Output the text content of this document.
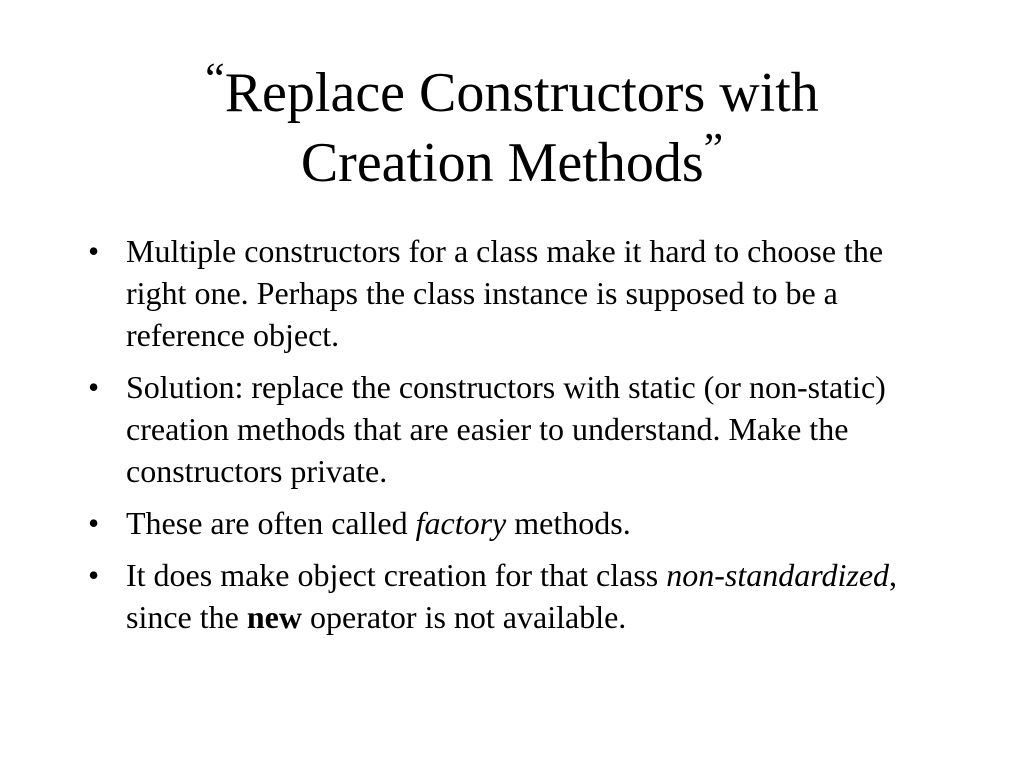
“Replace Constructors with
Creation Methods”
• Multiple constructors for a class make it hard to choose the right one. Perhaps the class instance is supposed to be a reference object.
• Solution: replace the constructors with static (or non-static) creation methods that are easier to understand. Make the constructors private.
• These are often called factory methods.
• It does make object creation for that class non-standardized, since the new operator is not available.
